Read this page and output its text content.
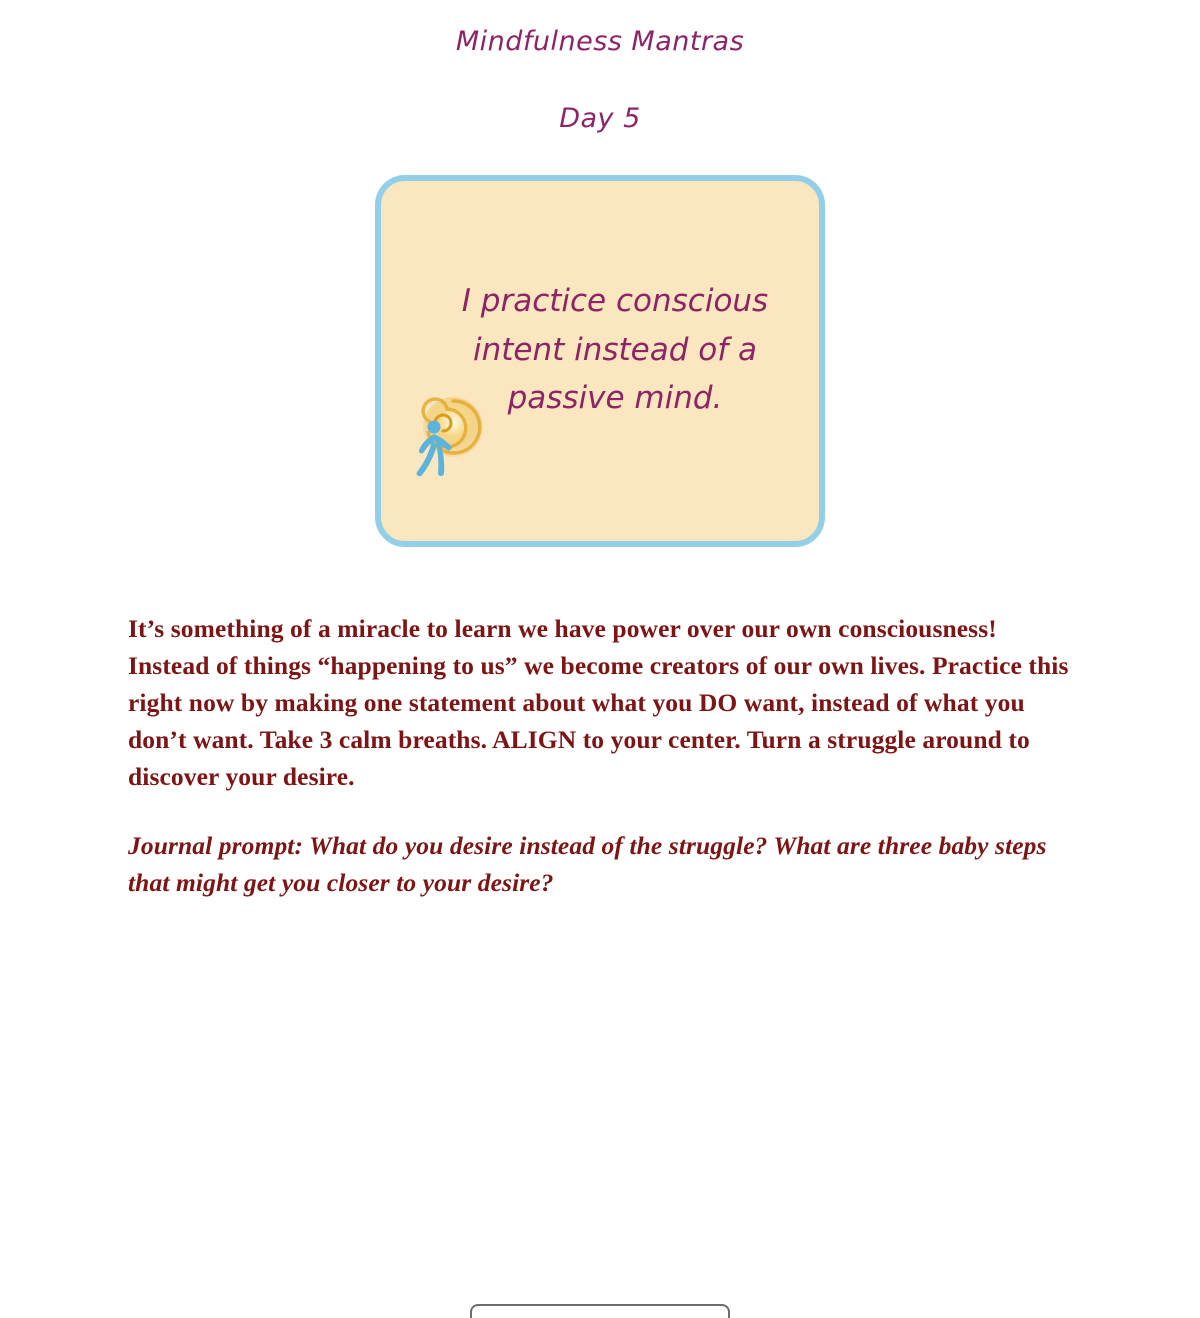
Mindfulness Mantras
Day 5
I practice conscious intent instead of a passive mind.

It’s something of a miracle to learn we have power over our own consciousness! Instead of things “happening to us” we become creators of our own lives. Practice this right now by making one statement about what you DO want, instead of what you don’t want. Take 3 calm breaths. ALIGN to your center. Turn a struggle around to discover your desire.

Journal prompt: What do you desire instead of the struggle? What are three baby steps that might get you closer to your desire?
